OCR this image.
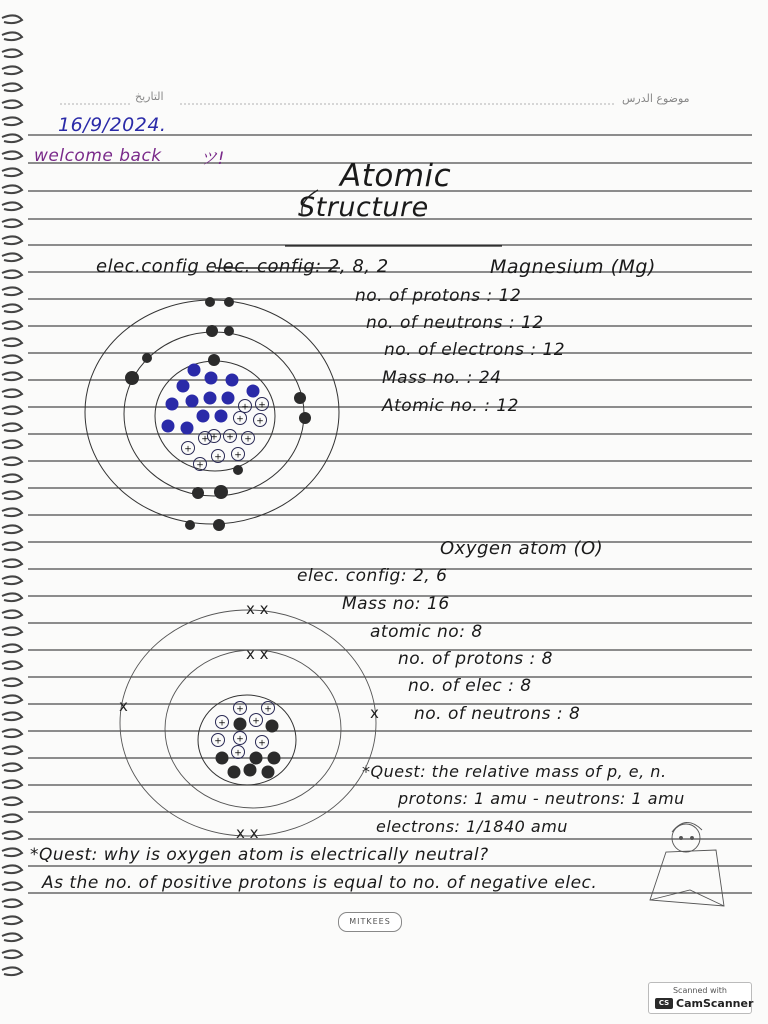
التاريخ	موضوع الدرس
16/9/2024.
welcome back ツ!	Atomic
Structure
elec.config elec. config: 2, 8, 2	Magnesium (Mg)
no. of protons : 12
no. of neutrons : 12
no. of electrons : 12
Mass no. : 24
Atomic no. : 12
Oxygen atom (O)
elec. config: 2, 6
Mass no: 16
atomic no: 8
no. of protons : 8
no. of elec : 8
no. of neutrons : 8
*Quest: the relative mass of p, e, n.
protons: 1 amu - neutrons: 1 amu
electrons: 1/1840 amu
*Quest: why is oxygen atom is electrically neutral?
As the no. of positive protons is equal to no. of negative elec.
+ +
+ +
+
+ + + +
+
+ +
+
+
+
+
+ +
+
+
x x
x x
x	x
x x
MITKEES
Scanned with
CS CamScanner
